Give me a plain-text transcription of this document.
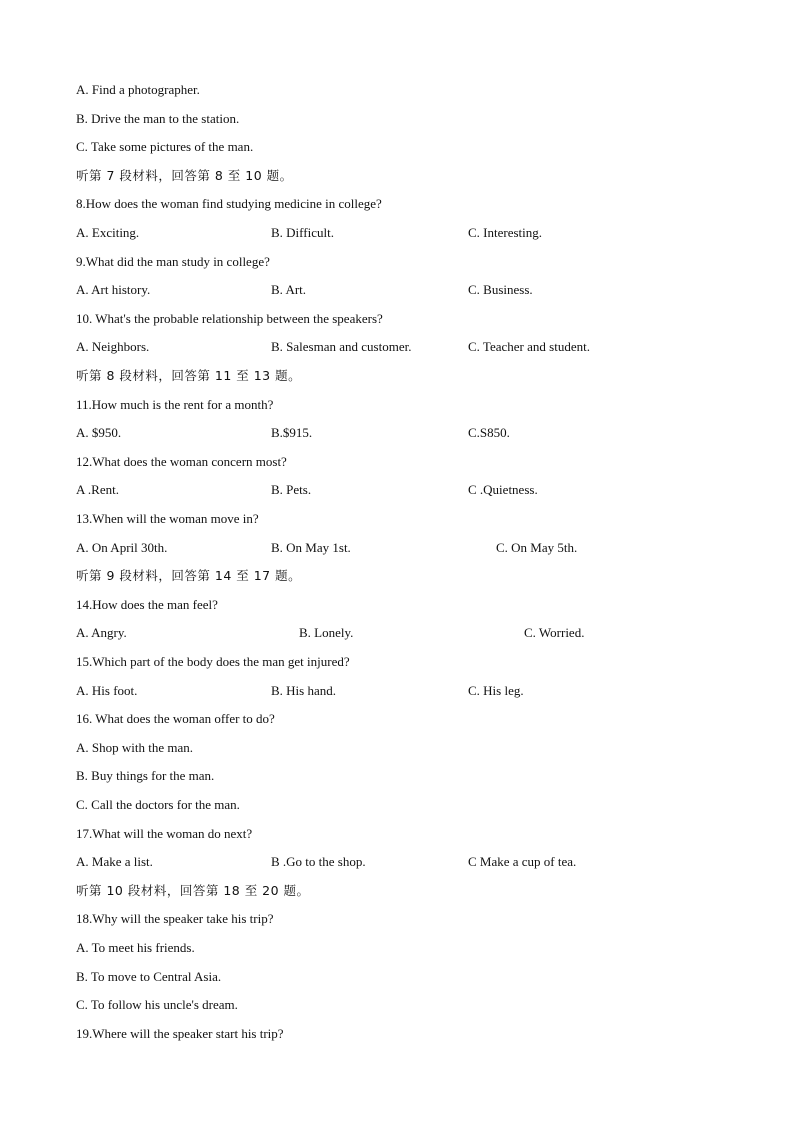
A. Find a photographer.
B. Drive the man to the station.
C. Take some pictures of the man.
听第 7 段材料，回答第 8 至 10 题。
8.How does the woman find studying medicine in college?
A. Exciting.	B. Difficult.	C. Interesting.
9.What did the man study in college?
A. Art history.	B. Art.	C. Business.
10. What's the probable relationship between the speakers?
A. Neighbors.	B. Salesman and customer.	C. Teacher and student.
听第 8 段材料，回答第 11 至 13 题。
11.How much is the rent for a month?
A. $950.	B.$915.	C.S850.
12.What does the woman concern most?
A .Rent.	B. Pets.	C .Quietness.
13.When will the woman move in?
A. On April 30th.	B. On May 1st.	C. On May 5th.
听第 9 段材料，回答第 14 至 17 题。
14.How does the man feel?
A. Angry.	B. Lonely.	C. Worried.
15.Which part of the body does the man get injured?
A. His foot.	B. His hand.	C. His leg.
16. What does the woman offer to do?
A. Shop with the man.
B. Buy things for the man.
C. Call the doctors for the man.
17.What will the woman do next?
A. Make a list.	B .Go to the shop.	C Make a cup of tea.
听第 10 段材料，回答第 18 至 20 题。
18.Why will the speaker take his trip?
A. To meet his friends.
B. To move to Central Asia.
C. To follow his uncle's dream.
19.Where will the speaker start his trip?
